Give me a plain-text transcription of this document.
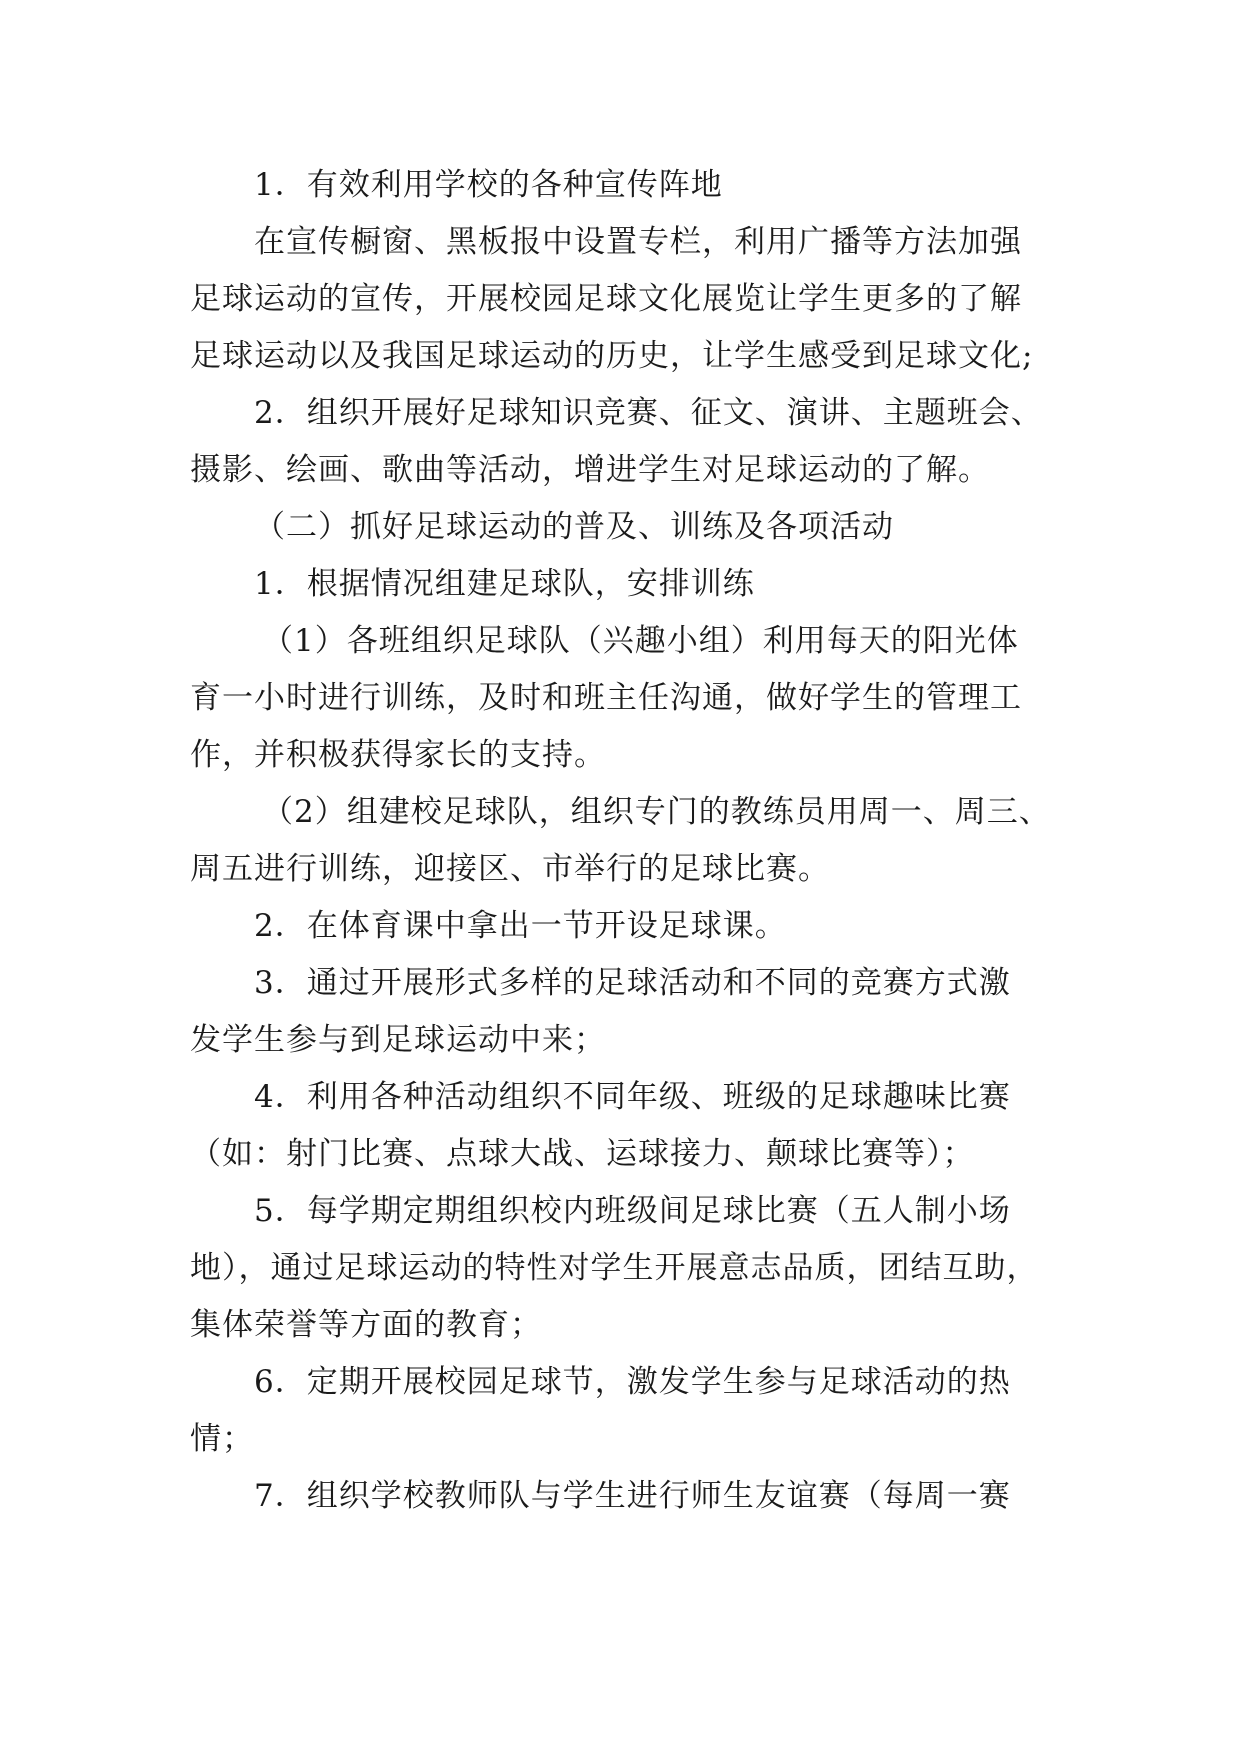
1．有效利用学校的各种宣传阵地
在宣传橱窗、黑板报中设置专栏，利用广播等方法加强
足球运动的宣传，开展校园足球文化展览让学生更多的了解
足球运动以及我国足球运动的历史，让学生感受到足球文化;
2．组织开展好足球知识竞赛、征文、演讲、主题班会、
摄影、绘画、歌曲等活动，增进学生对足球运动的了解。
（二）抓好足球运动的普及、训练及各项活动
1．根据情况组建足球队，安排训练
（1）各班组织足球队（兴趣小组）利用每天的阳光体
育一小时进行训练，及时和班主任沟通，做好学生的管理工
作，并积极获得家长的支持。
（2）组建校足球队，组织专门的教练员用周一、周三、
周五进行训练，迎接区、市举行的足球比赛。
2．在体育课中拿出一节开设足球课。
3．通过开展形式多样的足球活动和不同的竞赛方式激
发学生参与到足球运动中来；
4．利用各种活动组织不同年级、班级的足球趣味比赛
（如：射门比赛、点球大战、运球接力、颠球比赛等）；
5．每学期定期组织校内班级间足球比赛（五人制小场
地），通过足球运动的特性对学生开展意志品质，团结互助，
集体荣誉等方面的教育；
6．定期开展校园足球节，激发学生参与足球活动的热
情；
7．组织学校教师队与学生进行师生友谊赛（每周一赛
